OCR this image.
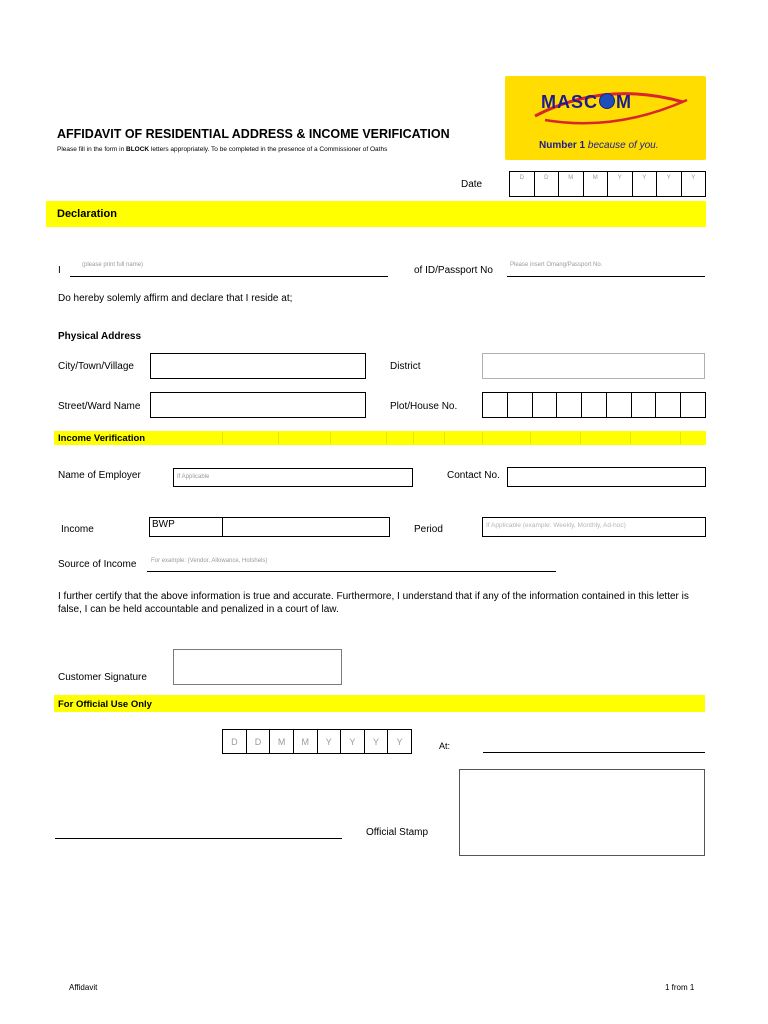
MASC M
Number 1 because of you.
AFFIDAVIT OF RESIDENTIAL ADDRESS & INCOME VERIFICATION
Please fill in the form in BLOCK letters appropriately. To be completed in the presence of a Commissioner of Oaths
Date
D	D	M	M	Y	Y	Y	Y
Declaration
I	(please print full name)	of ID/Passport No	Please insert Omang/Passport No.
Do hereby solemly affirm and declare that I reside at;
Physical Address
City/Town/Village	District
Street/Ward Name	Plot/House No.
Income Verification
Name of Employer	If Applicable	Contact No.
Income	BWP	Period	If Applicable (example: Weekly, Monthly, Ad-hoc)
Source of Income For example: (Vendor, Allowance, Hotshels)
I further certify that the above information is true and accurate. Furthermore, I understand that if any of the information contained in this letter is
false, I can be held accountable and penalized in a court of law.
Customer Signature
For Official Use Only
D	D	M	M	Y	Y	Y	Y	At:
Official Stamp
Affidavit	1 from 1
